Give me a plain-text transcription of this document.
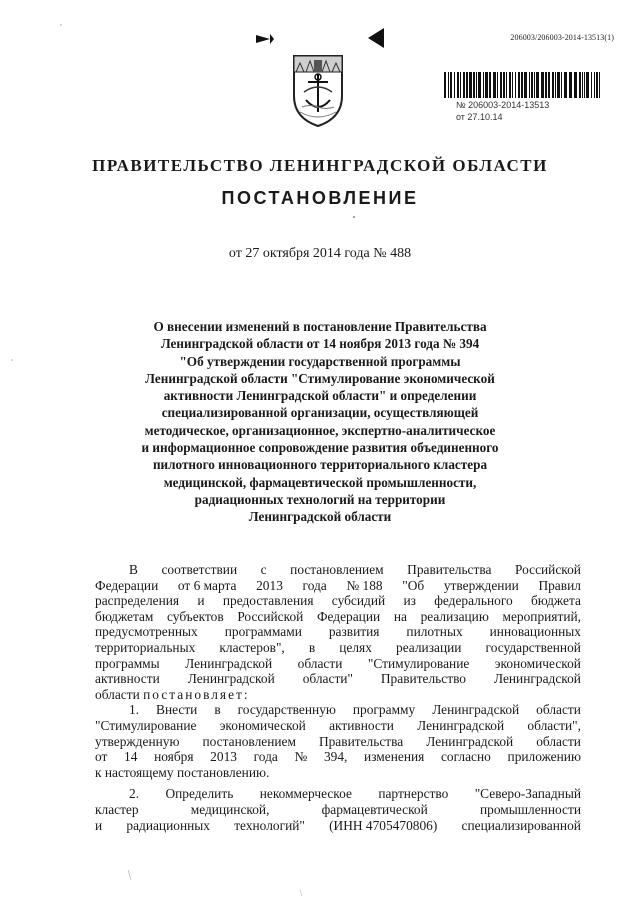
206003/206003-2014-13513(1)
№ 206003-2014-13513
от 27.10.14
ПРАВИТЕЛЬСТВО ЛЕНИНГРАДСКОЙ ОБЛАСТИ
ПОСТАНОВЛЕНИЕ
от 27 октября 2014 года № 488
О внесении изменений в постановление Правительства
Ленинградской области от 14 ноября 2013 года № 394
"Об утверждении государственной программы
Ленинградской области "Стимулирование экономической
активности Ленинградской области" и определении
специализированной организации, осуществляющей
методическое, организационное, экспертно-аналитическое
и информационное сопровождение развития объединенного
пилотного инновационного территориального кластера
медицинской, фармацевтической промышленности,
радиационных технологий на территории
Ленинградской области
В соответствии с постановлением Правительства Российской
Федерации от 6 марта 2013 года № 188 "Об утверждении Правил
распределения и предоставления субсидий из федерального бюджета
бюджетам субъектов Российской Федерации на реализацию мероприятий,
предусмотренных программами развития пилотных инновационных
территориальных кластеров", в целях реализации государственной
программы Ленинградской области "Стимулирование экономической
активности Ленинградской области" Правительство Ленинградской
области постановляет:
1. Внести в государственную программу Ленинградской области
"Стимулирование экономической активности Ленинградской области",
утвержденную постановлением Правительства Ленинградской области
от 14 ноября 2013 года № 394, изменения согласно приложению
к настоящему постановлению.
2. Определить некоммерческое партнерство "Северо-Западный
кластер	медицинской,	фармацевтической	промышленности
и радиационных технологий" (ИНН 4705470806) специализированной
